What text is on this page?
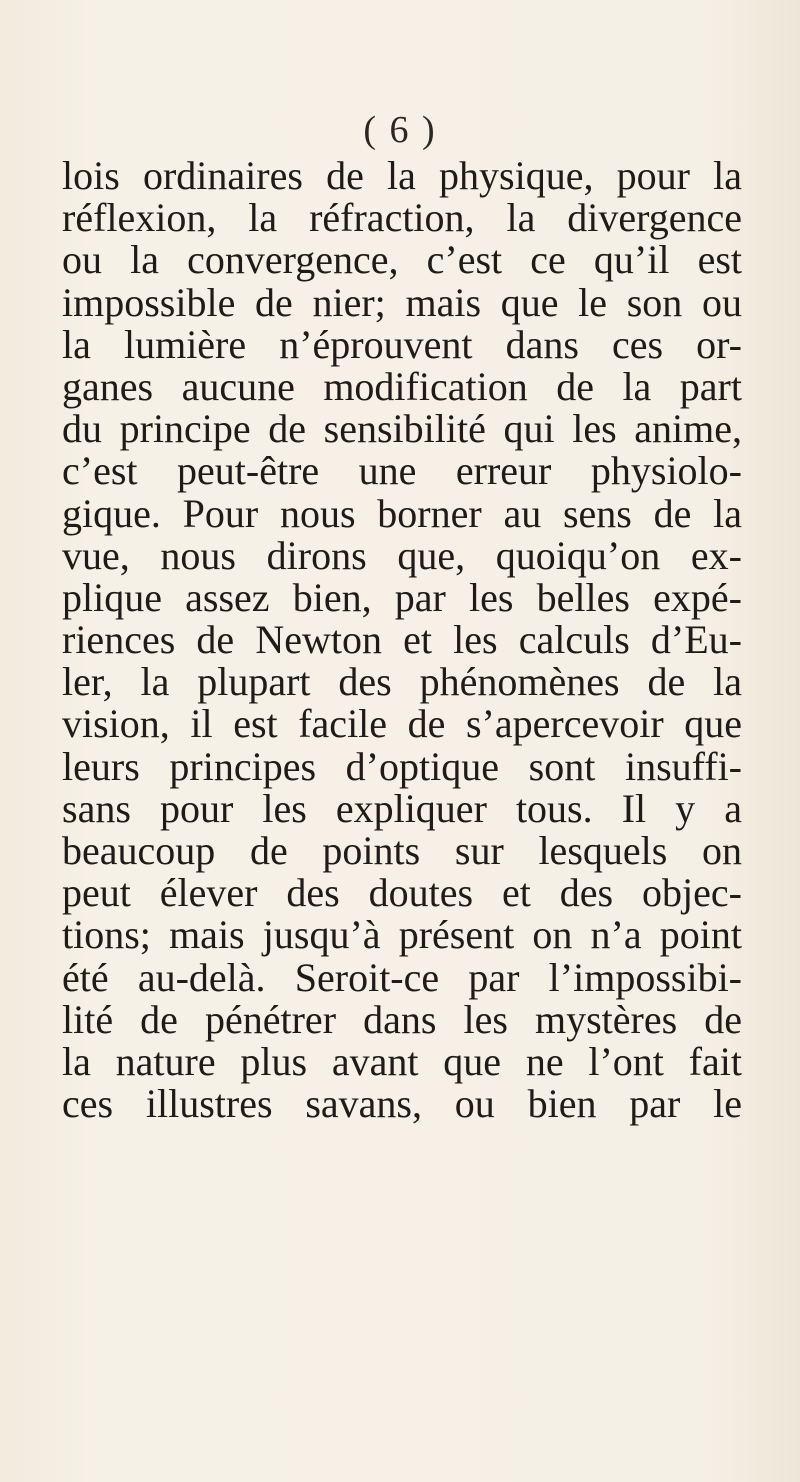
( 6 )
lois ordinaires de la physique, pour la
réflexion, la réfraction, la divergence
ou la convergence, c’est ce qu’il est
impossible de nier; mais que le son ou
la lumière n’éprouvent dans ces or-
ganes aucune modification de la part
du principe de sensibilité qui les anime,
c’est peut-être une erreur physiolo-
gique. Pour nous borner au sens de la
vue, nous dirons que, quoiqu’on ex-
plique assez bien, par les belles expé-
riences de Newton et les calculs d’Eu-
ler, la plupart des phénomènes de la
vision, il est facile de s’apercevoir que
leurs principes d’optique sont insuffi-
sans pour les expliquer tous. Il y a
beaucoup de points sur lesquels on
peut élever des doutes et des objec-
tions; mais jusqu’à présent on n’a point
été au-delà. Seroit-ce par l’impossibi-
lité de pénétrer dans les mystères de
la nature plus avant que ne l’ont fait
ces illustres savans, ou bien par le
